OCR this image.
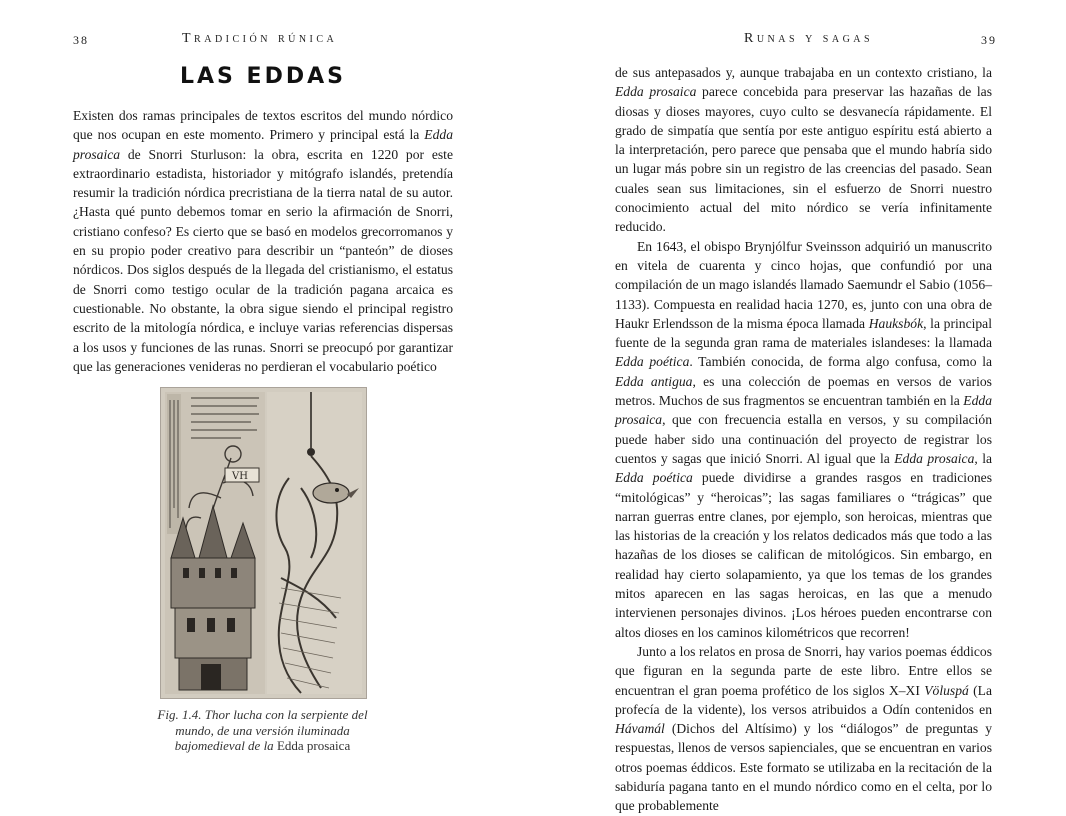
38	Tradición rúnica
LAS EDDAS

Existen dos ramas principales de textos escritos del mundo nórdico que nos ocupan en este momento. Primero y principal está la Edda prosaica de Snorri Sturluson: la obra, escrita en 1220 por este extraordinario estadista, historiador y mitógrafo islandés, pretendía resumir la tradición nórdica precristiana de la tierra natal de su autor. ¿Hasta qué punto debemos tomar en serio la afirmación de Snorri, cristiano confeso? Es cierto que se basó en modelos grecorromanos y en su propio poder creativo para describir un “panteón” de dioses nórdicos. Dos siglos después de la llegada del cristianismo, el estatus de Snorri como testigo ocular de la tradición pagana arcaica es cuestionable. No obstante, la obra sigue siendo el principal registro escrito de la mitología nórdica, e incluye varias referencias dispersas a los usos y funciones de las runas. Snorri se preocupó por garantizar que las generaciones venideras no perdieran el vocabulario poético

VH
Fig. 1.4. Thor lucha con la serpiente del mundo, de una versión iluminada bajomedieval de la Edda prosaica
Runas y sagas	39

de sus antepasados y, aunque trabajaba en un contexto cristiano, la Edda prosaica parece concebida para preservar las hazañas de las diosas y dioses mayores, cuyo culto se desvanecía rápidamente. El grado de simpatía que sentía por este antiguo espíritu está abierto a la interpretación, pero parece que pensaba que el mundo habría sido un lugar más pobre sin un registro de las creencias del pasado. Sean cuales sean sus limitaciones, sin el esfuerzo de Snorri nuestro conocimiento actual del mito nórdico se vería infinitamente reducido.

En 1643, el obispo Brynjólfur Sveinsson adquirió un manuscrito en vitela de cuarenta y cinco hojas, que confundió por una compilación de un mago islandés llamado Saemundr el Sabio (1056–1133). Compuesta en realidad hacia 1270, es, junto con una obra de Haukr Erlendsson de la misma época llamada Hauksbók, la principal fuente de la segunda gran rama de materiales islandeses: la llamada Edda poética. También conocida, de forma algo confusa, como la Edda antigua, es una colección de poemas en versos de varios metros. Muchos de sus fragmentos se encuentran también en la Edda prosaica, que con frecuencia estalla en versos, y su compilación puede haber sido una continuación del proyecto de registrar los cuentos y sagas que inició Snorri. Al igual que la Edda prosaica, la Edda poética puede dividirse a grandes rasgos en tradiciones “mitológicas” y “heroicas”; las sagas familiares o “trágicas” que narran guerras entre clanes, por ejemplo, son heroicas, mientras que las historias de la creación y los relatos dedicados más que todo a las hazañas de los dioses se califican de mitológicos. Sin embargo, en realidad hay cierto solapamiento, ya que los temas de los grandes mitos aparecen en las sagas heroicas, en las que a menudo intervienen personajes divinos. ¡Los héroes pueden encontrarse con altos dioses en los caminos kilométricos que recorren!

Junto a los relatos en prosa de Snorri, hay varios poemas éddicos que figuran en la segunda parte de este libro. Entre ellos se encuentran el gran poema profético de los siglos X–XI Völuspá (La profecía de la vidente), los versos atribuidos a Odín contenidos en Hávamál (Dichos del Altísimo) y los “diálogos” de preguntas y respuestas, llenos de versos sapienciales, que se encuentran en varios otros poemas éddicos. Este formato se utilizaba en la recitación de la sabiduría pagana tanto en el mundo nórdico como en el celta, por lo que probablemente
